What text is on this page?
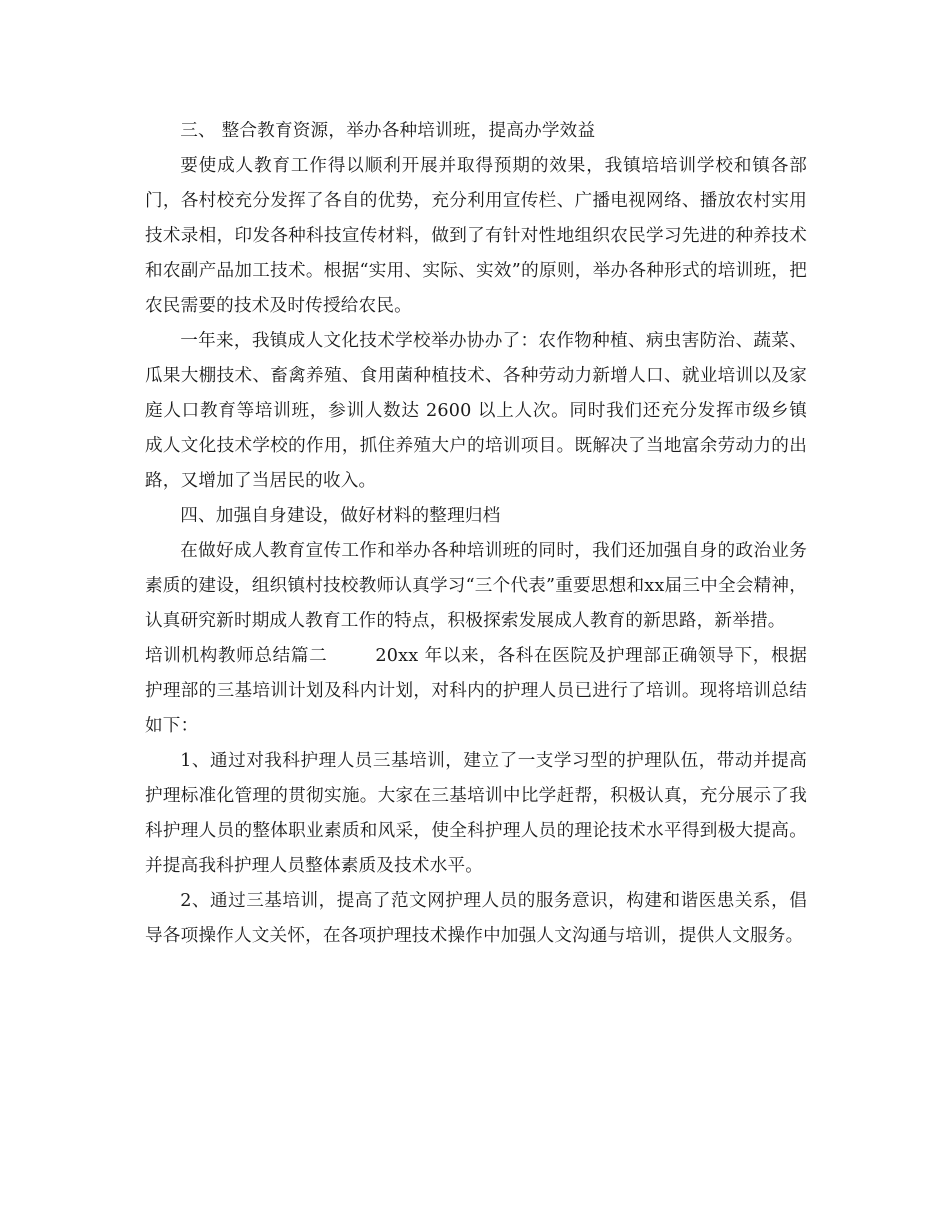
三、 整合教育资源，举办各种培训班，提高办学效益

要使成人教育工作得以顺利开展并取得预期的效果，我镇培培训学校和镇各部门，各村校充分发挥了各自的优势，充分利用宣传栏、广播电视网络、播放农村实用技术录相，印发各种科技宣传材料，做到了有针对性地组织农民学习先进的种养技术和农副产品加工技术。根据“实用、实际、实效”的原则，举办各种形式的培训班，把农民需要的技术及时传授给农民。

一年来，我镇成人文化技术学校举办协办了：农作物种植、病虫害防治、蔬菜、瓜果大棚技术、畜禽养殖、食用菌种植技术、各种劳动力新增人口、就业培训以及家庭人口教育等培训班，参训人数达 2600 以上人次。同时我们还充分发挥市级乡镇成人文化技术学校的作用，抓住养殖大户的培训项目。既解决了当地富余劳动力的出路，又增加了当居民的收入。

四、加强自身建设，做好材料的整理归档

在做好成人教育宣传工作和举办各种培训班的同时，我们还加强自身的政治业务素质的建设，组织镇村技校教师认真学习“三个代表”重要思想和xx届三中全会精神，认真研究新时期成人教育工作的特点，积极探索发展成人教育的新思路，新举措。

培训机构教师总结篇二	20xx 年以来，各科在医院及护理部正确领导下，根据护理部的三基培训计划及科内计划，对科内的护理人员已进行了培训。现将培训总结如下：

1、通过对我科护理人员三基培训，建立了一支学习型的护理队伍，带动并提高护理标准化管理的贯彻实施。大家在三基培训中比学赶帮，积极认真，充分展示了我科护理人员的整体职业素质和风采，使全科护理人员的理论技术水平得到极大提高。并提高我科护理人员整体素质及技术水平。

2、通过三基培训，提高了范文网护理人员的服务意识，构建和谐医患关系，倡导各项操作人文关怀，在各项护理技术操作中加强人文沟通与培训，提供人文服务。
